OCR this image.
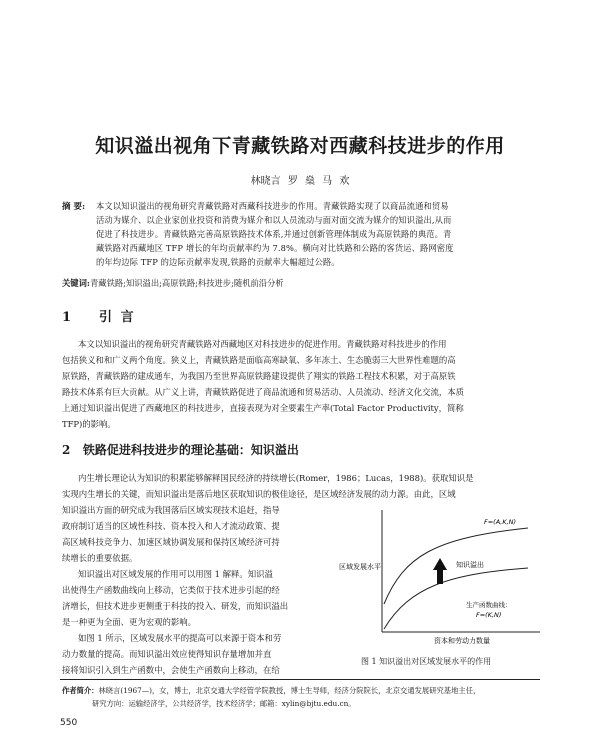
知识溢出视角下青藏铁路对西藏科技进步的作用
林晓言 罗 燊 马 欢
摘 要: 本文以知识溢出的视角研究青藏铁路对西藏科技进步的作用。青藏铁路实现了以商品流通和贸易
活动为媒介、以企业家创业投资和消费为媒介和以人员流动与面对面交流为媒介的知识溢出,从而
促进了科技进步。青藏铁路完善高原铁路技术体系,并通过创新管理体制成为高原铁路的典范。青
藏铁路对西藏地区 TFP 增长的年均贡献率约为 7.8%。横向对比铁路和公路的客货运、路网密度
的年均边际 TFP 的边际贡献率发现,铁路的贡献率大幅超过公路。
关键词:青藏铁路;知识溢出;高原铁路;科技进步;随机前沿分析
1 引 言
本文以知识溢出的视角研究青藏铁路对西藏地区对科技进步的促进作用。青藏铁路对科技进步的作用
包括狭义和和广义两个角度。狭义上，青藏铁路是面临高寒缺氧、多年冻土、生态脆弱三大世界性难题的高
原铁路，青藏铁路的建成通车，为我国乃至世界高原铁路建设提供了翔实的铁路工程技术积累，对于高原铁
路技术体系有巨大贡献。从广义上讲，青藏铁路促进了商品流通和贸易活动、人员流动、经济文化交流，本质
上通过知识溢出促进了西藏地区的科技进步，直接表现为对全要素生产率(Total Factor Productivity，简称
TFP)的影响。
2 铁路促进科技进步的理论基础：知识溢出
内生增长理论认为知识的积累能够解释国民经济的持续增长(Romer，1986；Lucas，1988)。获取知识是
实现内生增长的关键，而知识溢出是落后地区获取知识的极佳途径，是区域经济发展的动力源。由此，区域
知识溢出方面的研究成为我国落后区域实现技术追赶，指导
政府制订适当的区域性科技、资本投入和人才流动政策、提
高区域科技竞争力、加速区域协调发展和保持区域经济可持
续增长的重要依据。
知识溢出对区域发展的作用可以用图 1 解释。知识溢
出使得生产函数曲线向上移动，它类似于技术进步引起的经
济增长，但技术进步更侧重于科技的投入、研发，而知识溢出
是一种更为全面、更为宏观的影响。
如图 1 所示，区域发展水平的提高可以来源于资本和劳
动力数量的提高。而知识溢出效应使得知识存量增加并直
接将知识引入到生产函数中，会使生产函数向上移动，在给
区域发展水平
F=(A,K,N)
知识溢出
生产函数曲线：
F=(K,N)
资本和劳动力数量
图 1 知识溢出对区域发展水平的作用
作者简介：林晓言(1967—)，女，博士，北京交通大学经管学院教授，博士生导师，经济分院院长，北京交通发展研究基地主任，
研究方向：运输经济学，公共经济学，技术经济学；邮箱：xylin@bjtu.edu.cn。
550
